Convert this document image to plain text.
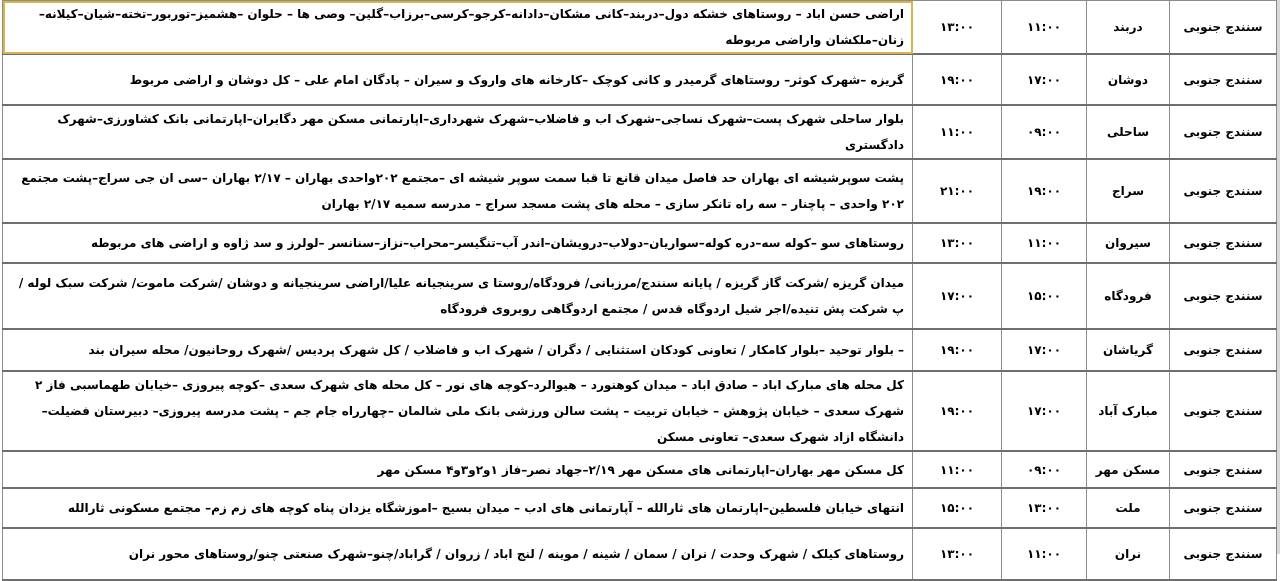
سنندج جنوبی	دربند	۱۱:۰۰	۱۳:۰۰	اراضی حسن اباد – روستاهای خشکه دول–دربند–کانی مشکان–دادانه–کرجو–کرسی–برزاب–گلین– وصی ها – حلوان –هشمیز–توربور–تخته–شیان–کیلانه–زنان–ملکشان واراضی مربوطه
سنندج جنوبی	دوشان	۱۷:۰۰	۱۹:۰۰	گریزه –شهرک کوثر– روستاهای گرمیدر و کانی کوچک –کارخانه های واروک و سیران – پادگان امام علی – کل دوشان و اراضی مربوط
سنندج جنوبی	ساحلی	۰۹:۰۰	۱۱:۰۰	بلوار ساحلی شهرک پست–شهرک نساجی–شهرک اب و فاضلاب–شهرک شهرداری–اپارتمانی مسکن مهر دگایران–اپارتمانی بانک کشاورزی–شهرک دادگستری
سنندج جنوبی	سراج	۱۹:۰۰	۲۱:۰۰	پشت سوپرشیشه ای بهاران حد فاصل میدان قانع تا قبا سمت سوپر شیشه ای –مجتمع ۲۰۲واحدی بهاران – ۲/۱۷ بهاران –سی ان جی سراج–پشت مجتمع ۲۰۲ واحدی – پاچنار – سه راه تانکر سازی – محله های پشت مسجد سراج – مدرسه سمیه ۲/۱۷ بهاران
سنندج جنوبی	سیروان	۱۱:۰۰	۱۳:۰۰	روستاهای سو –کوله سه–دره کوله–سواریان–دولاب–درویشان–اندر آب–تنگیسر–محراب–نزاز–سنانسر –لولرز و سد ژاوه و اراضی های مربوطه
سنندج جنوبی	فرودگاه	۱۵:۰۰	۱۷:۰۰	میدان گریزه /شرکت گاز گریزه / پایانه سنندج/مرزبانی/ فرودگاه/روستا ی سرینجیانه علیا/اراضی سرینجیانه و دوشان /شرکت ماموت/ شرکت سبک لوله /پ شرکت پش تنیده/اجر شیل اردوگاه قدس / مجتمع اردوگاهی روبروی فرودگاه
سنندج جنوبی	گریاشان	۱۷:۰۰	۱۹:۰۰	– بلوار توحید –بلوار کامکار / تعاونی کودکان استثنایی / دگران / شهرک اب و فاضلاب / کل شهرک پردیس /شهرک روحانیون/ محله سیران بند
سنندج جنوبی	مبارک آباد	۱۷:۰۰	۱۹:۰۰	کل محله های مبارک اباد – صادق اباد – میدان کوهنورد – هیوالرد–کوچه های نور – کل محله های شهرک سعدی –کوچه پیروزی –خیابان طهماسبی فاز ۲ شهرک سعدی – خیابان پژوهش – خیابان تربیت – پشت سالن ورزشی بانک ملی شالمان –چهارراه جام جم – پشت مدرسه پیروزی– دبیرستان فضیلت–دانشگاه ازاد شهرک سعدی– تعاونی مسکن
سنندج جنوبی	مسکن مهر	۰۹:۰۰	۱۱:۰۰	کل مسکن مهر بهاران–اپارتمانی های مسکن مهر ۲/۱۹–جهاد نصر–فاز ۱و۲و۳و۴ مسکن مهر
سنندج جنوبی	ملت	۱۳:۰۰	۱۵:۰۰	انتهای خیابان فلسطین–اپارتمان های ثارالله – آپارتمانی های ادب – میدان بسیج –اموزشگاه یزدان پناه کوچه های زم زم– مجتمع مسکونی ثارالله
سنندج جنوبی	نران	۱۱:۰۰	۱۳:۰۰	روستاهای کیلک / شهرک وحدت / نران / سمان / شینه / موینه / لنج اباد / زروان / گراباد/چنو–شهرک صنعتی چنو/روستاهای محور نران
